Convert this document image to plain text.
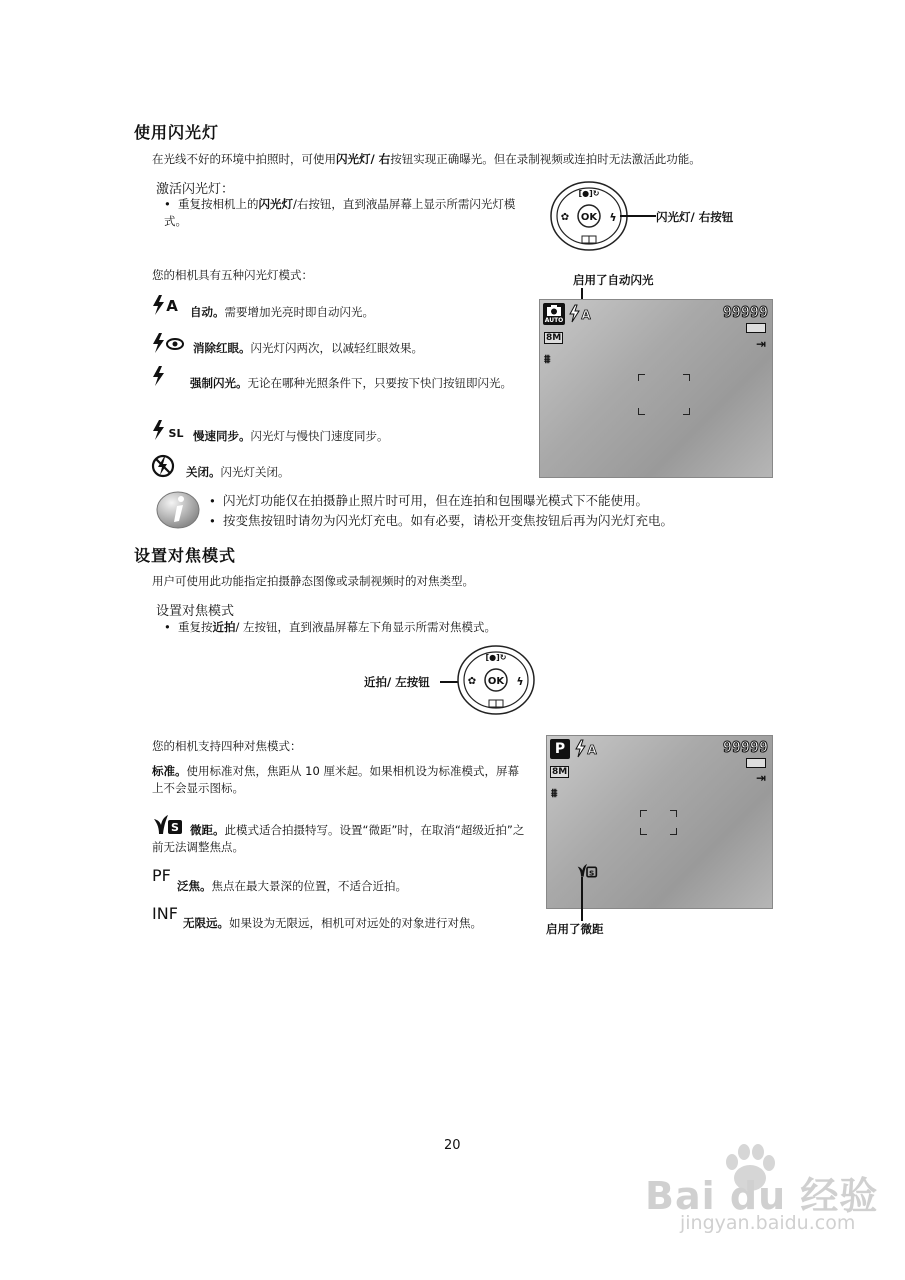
使用闪光灯
在光线不好的环境中拍照时，可使用闪光灯/ 右按钮实现正确曝光。但在录制视频或连拍时无法激活此功能。
激活闪光灯：
• 重复按相机上的闪光灯/右按钮，直到液晶屏幕上显示所需闪光灯模式。	OK
[●]↻
✿	ϟ	闪光灯/ 右按钮
您的相机具有五种闪光灯模式：	启用了自动闪光
A 自动。需要增加光亮时即自动闪光。
消除红眼。闪光灯闪两次，以减轻红眼效果。
强制闪光。无论在哪种光照条件下，只要按下快门按钮即闪光。
SL 慢速同步。闪光灯与慢快门速度同步。
关闭。闪光灯关闭。
AUTO A	99999
⇥
8M
⩩
• 闪光灯功能仅在拍摄静止照片时可用，但在连拍和包围曝光模式下不能使用。
• 按变焦按钮时请勿为闪光灯充电。如有必要，请松开变焦按钮后再为闪光灯充电。
设置对焦模式
用户可使用此功能指定拍摄静态图像或录制视频时的对焦类型。
设置对焦模式
• 重复按近拍/ 左按钮，直到液晶屏幕左下角显示所需对焦模式。
近拍/ 左按钮	OK
[●]↻
✿	ϟ
您的相机支持四种对焦模式：
标准。使用标准对焦，焦距从 10 厘米起。如果相机设为标准模式，屏幕上不会显示图标。
S 微距。此模式适合拍摄特写。设置“微距”时，在取消“超级近拍”之前无法调整焦点。
PF
泛焦。焦点在最大景深的位置，不适合近拍。
INF 无限远。如果设为无限远，相机可对远处的对象进行对焦。
P	A	99999
⇥
8M
⩩
S
启用了微距
20
Bai du 经验
jingyan.baidu.com
